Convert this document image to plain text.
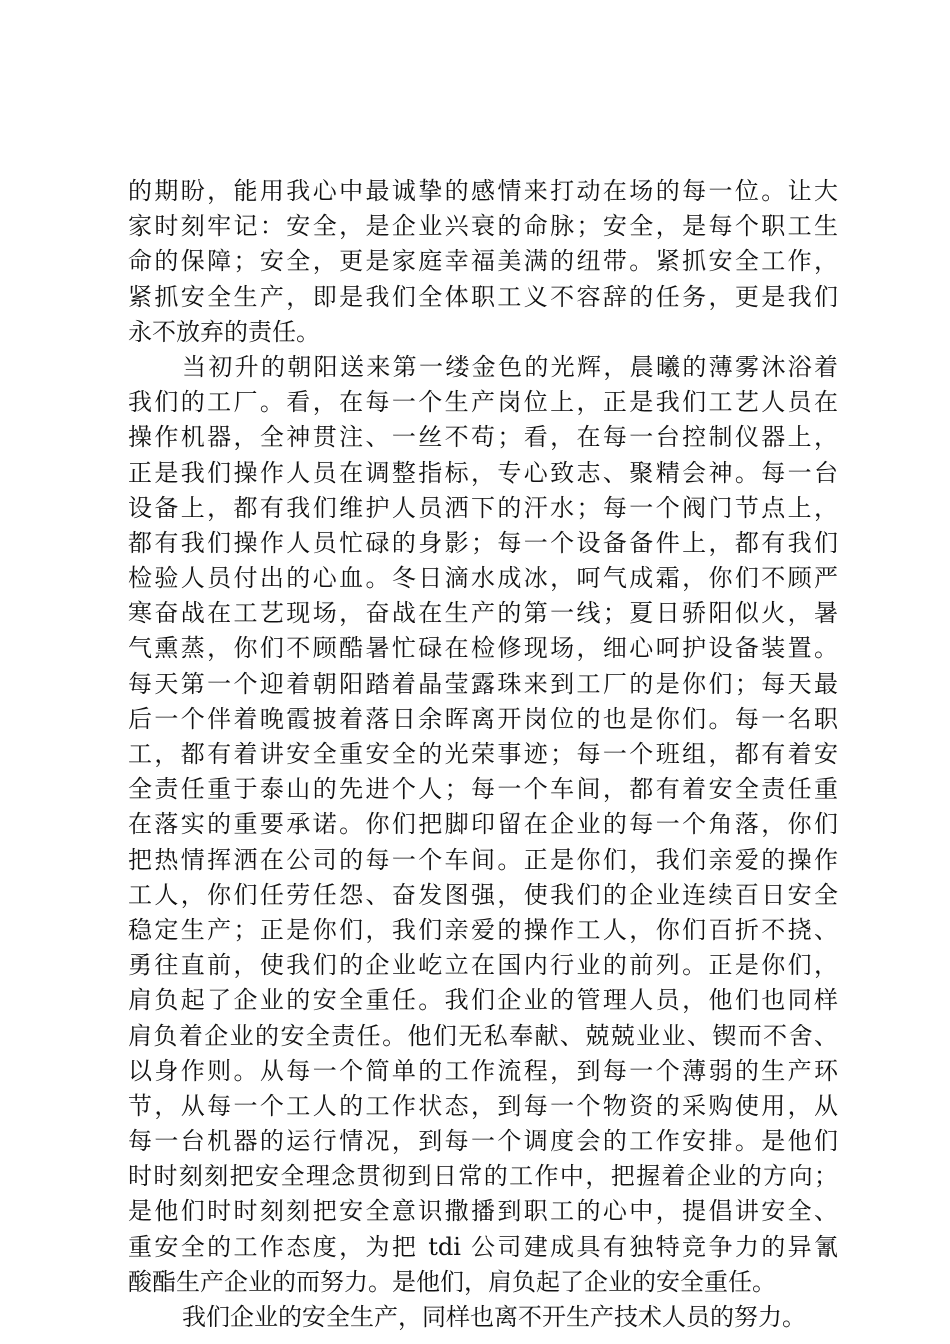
的期盼，能用我心中最诚挚的感情来打动在场的每一位。让大
家时刻牢记：安全，是企业兴衰的命脉；安全，是每个职工生
命的保障；安全，更是家庭幸福美满的纽带。紧抓安全工作，
紧抓安全生产，即是我们全体职工义不容辞的任务，更是我们
永不放弃的责任。
当初升的朝阳送来第一缕金色的光辉，晨曦的薄雾沐浴着
我们的工厂。看，在每一个生产岗位上，正是我们工艺人员在
操作机器，全神贯注、一丝不苟；看，在每一台控制仪器上，
正是我们操作人员在调整指标，专心致志、聚精会神。每一台
设备上，都有我们维护人员洒下的汗水；每一个阀门节点上，
都有我们操作人员忙碌的身影；每一个设备备件上，都有我们
检验人员付出的心血。冬日滴水成冰，呵气成霜，你们不顾严
寒奋战在工艺现场，奋战在生产的第一线；夏日骄阳似火，暑
气熏蒸，你们不顾酷暑忙碌在检修现场，细心呵护设备装置。
每天第一个迎着朝阳踏着晶莹露珠来到工厂的是你们；每天最
后一个伴着晚霞披着落日余晖离开岗位的也是你们。每一名职
工，都有着讲安全重安全的光荣事迹；每一个班组，都有着安
全责任重于泰山的先进个人；每一个车间，都有着安全责任重
在落实的重要承诺。你们把脚印留在企业的每一个角落，你们
把热情挥洒在公司的每一个车间。正是你们，我们亲爱的操作
工人，你们任劳任怨、奋发图强，使我们的企业连续百日安全
稳定生产；正是你们，我们亲爱的操作工人，你们百折不挠、
勇往直前，使我们的企业屹立在国内行业的前列。正是你们，
肩负起了企业的安全重任。我们企业的管理人员，他们也同样
肩负着企业的安全责任。他们无私奉献、兢兢业业、锲而不舍、
以身作则。从每一个简单的工作流程，到每一个薄弱的生产环
节，从每一个工人的工作状态，到每一个物资的采购使用，从
每一台机器的运行情况，到每一个调度会的工作安排。是他们
时时刻刻把安全理念贯彻到日常的工作中，把握着企业的方向；
是他们时时刻刻把安全意识撒播到职工的心中，提倡讲安全、
重安全的工作态度，为把 tdi 公司建成具有独特竞争力的异氰
酸酯生产企业的而努力。是他们，肩负起了企业的安全重任。
我们企业的安全生产，同样也离不开生产技术人员的努力。
